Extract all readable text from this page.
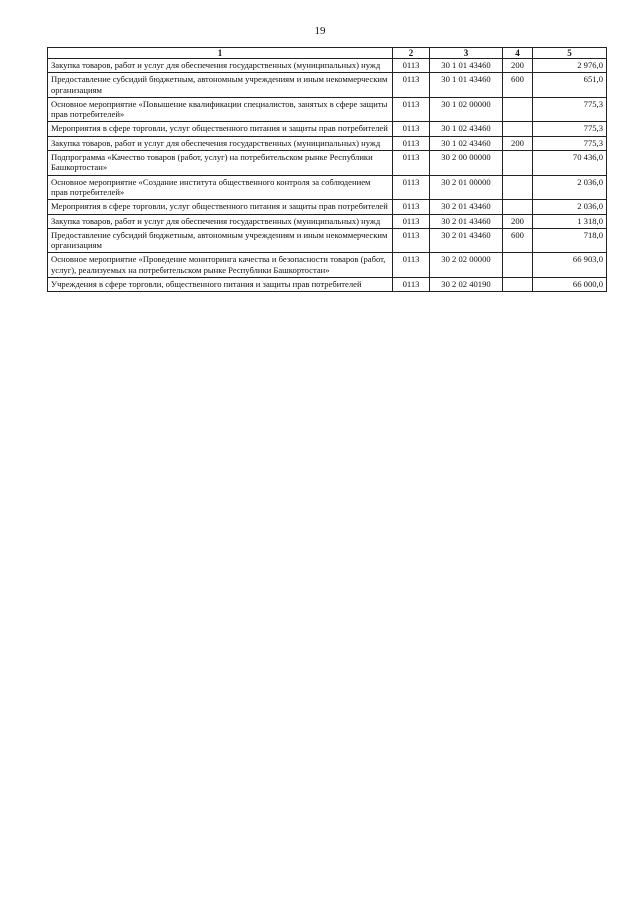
19
1	2	3	4	5
Закупка товаров, работ и услуг для обеспечения государственных (муниципальных) нужд	0113	30 1 01 43460	200	2 976,0
Предоставление субсидий бюджетным, автономным учреждениям и иным некоммерческим организациям	0113	30 1 01 43460	600	651,0
Основное мероприятие «Повышение квалификации специалистов, занятых в сфере защиты прав потребителей»	0113	30 1 02 00000		775,3
Мероприятия в сфере торговли, услуг общественного питания и защиты прав потребителей	0113	30 1 02 43460		775,3
Закупка товаров, работ и услуг для обеспечения государственных (муниципальных) нужд	0113	30 1 02 43460	200	775,3
Подпрограмма «Качество товаров (работ, услуг) на потребительском рынке Республики Башкортостан»	0113	30 2 00 00000		70 436,0
Основное мероприятие «Создание института общественного контроля за соблюдением прав потребителей»	0113	30 2 01 00000		2 036,0
Мероприятия в сфере торговли, услуг общественного питания и защиты прав потребителей	0113	30 2 01 43460		2 036,0
Закупка товаров, работ и услуг для обеспечения государственных (муниципальных) нужд	0113	30 2 01 43460	200	1 318,0
Предоставление субсидий бюджетным, автономным учреждениям и иным некоммерческим организациям	0113	30 2 01 43460	600	718,0
Основное мероприятие «Проведение мониторинга качества и безопасности товаров (работ, услуг), реализуемых на потребительском рынке Республики Башкортостан»	0113	30 2 02 00000		66 903,0
Учреждения в сфере торговли, общественного питания и защиты прав потребителей	0113	30 2 02 40190		66 000,0
